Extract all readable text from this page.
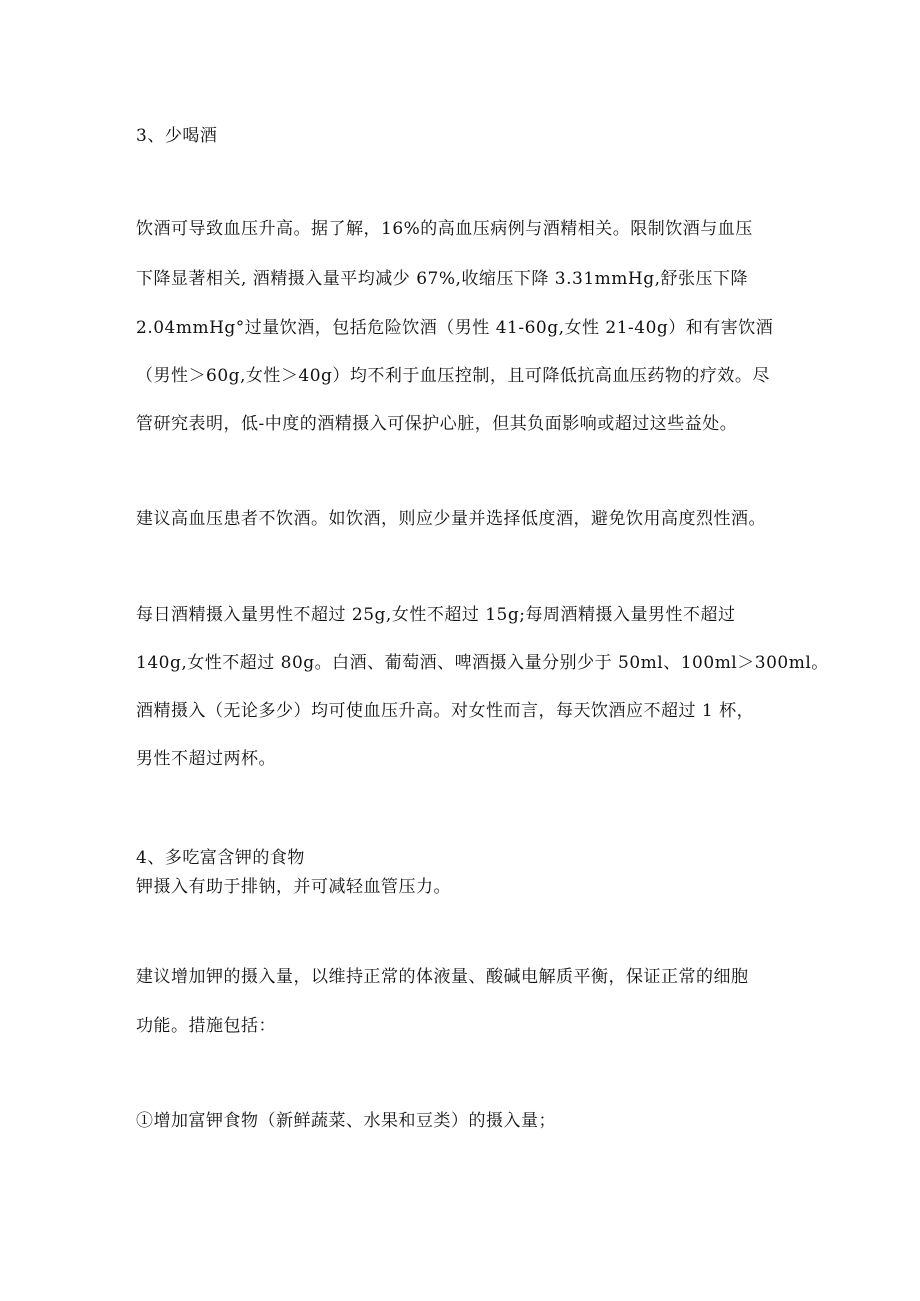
3、少喝酒
饮酒可导致血压升高。据了解，16%的高血压病例与酒精相关。限制饮酒与血压
下降显著相关, 酒精摄入量平均减少 67%,收缩压下降 3.31mmHg,舒张压下降
2.04mmHg°过量饮酒，包括危险饮酒（男性 41-60g,女性 21-40g）和有害饮酒
（男性＞60g,女性＞40g）均不利于血压控制，且可降低抗高血压药物的疗效。尽
管研究表明，低-中度的酒精摄入可保护心脏，但其负面影响或超过这些益处。
建议高血压患者不饮酒。如饮酒，则应少量并选择低度酒，避免饮用高度烈性酒。
每日酒精摄入量男性不超过 25g,女性不超过 15g;每周酒精摄入量男性不超过
140g,女性不超过 80g。白酒、葡萄酒、啤酒摄入量分别少于 50ml、100ml＞300ml。
酒精摄入（无论多少）均可使血压升高。对女性而言，每天饮酒应不超过 1 杯，
男性不超过两杯。
4、多吃富含钾的食物
钾摄入有助于排钠，并可减轻血管压力。
建议增加钾的摄入量，以维持正常的体液量、酸碱电解质平衡，保证正常的细胞
功能。措施包括：
①增加富钾食物（新鲜蔬菜、水果和豆类）的摄入量；
